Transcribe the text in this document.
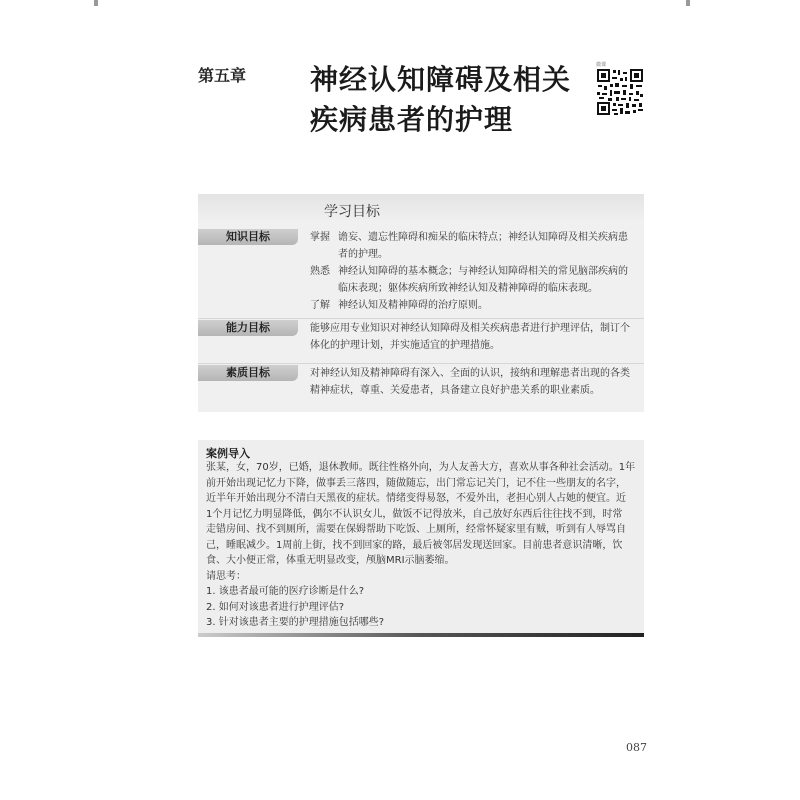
第五章 神经认知障碍及相关
疾病患者的护理
微课
学习目标
知识目标	掌握 谵妄、遗忘性障碍和痴呆的临床特点；神经认知障碍及相关疾病患
者的护理。
熟悉 神经认知障碍的基本概念；与神经认知障碍相关的常见脑部疾病的
临床表现；躯体疾病所致神经认知及精神障碍的临床表现。
了解 神经认知及精神障碍的治疗原则。
能力目标	能够应用专业知识对神经认知障碍及相关疾病患者进行护理评估，制订个
体化的护理计划，并实施适宜的护理措施。
素质目标	对神经认知及精神障碍有深入、全面的认识，接纳和理解患者出现的各类
精神症状，尊重、关爱患者，具备建立良好护患关系的职业素质。
案例导入
张某，女，70岁，已婚，退休教师。既往性格外向，为人友善大方，喜欢从事各种社会活动。1年
前开始出现记忆力下降，做事丢三落四，随做随忘，出门常忘记关门，记不住一些朋友的名字，
近半年开始出现分不清白天黑夜的症状。情绪变得易怒，不爱外出，老担心别人占她的便宜。近
1个月记忆力明显降低，偶尔不认识女儿，做饭不记得放米，自己放好东西后往往找不到，时常
走错房间、找不到厕所，需要在保姆帮助下吃饭、上厕所，经常怀疑家里有贼，听到有人辱骂自
己，睡眠减少。1周前上街，找不到回家的路，最后被邻居发现送回家。目前患者意识清晰，饮
食、大小便正常，体重无明显改变，颅脑MRI示脑萎缩。
请思考：
1. 该患者最可能的医疗诊断是什么?
2. 如何对该患者进行护理评估?
3. 针对该患者主要的护理措施包括哪些?
087
